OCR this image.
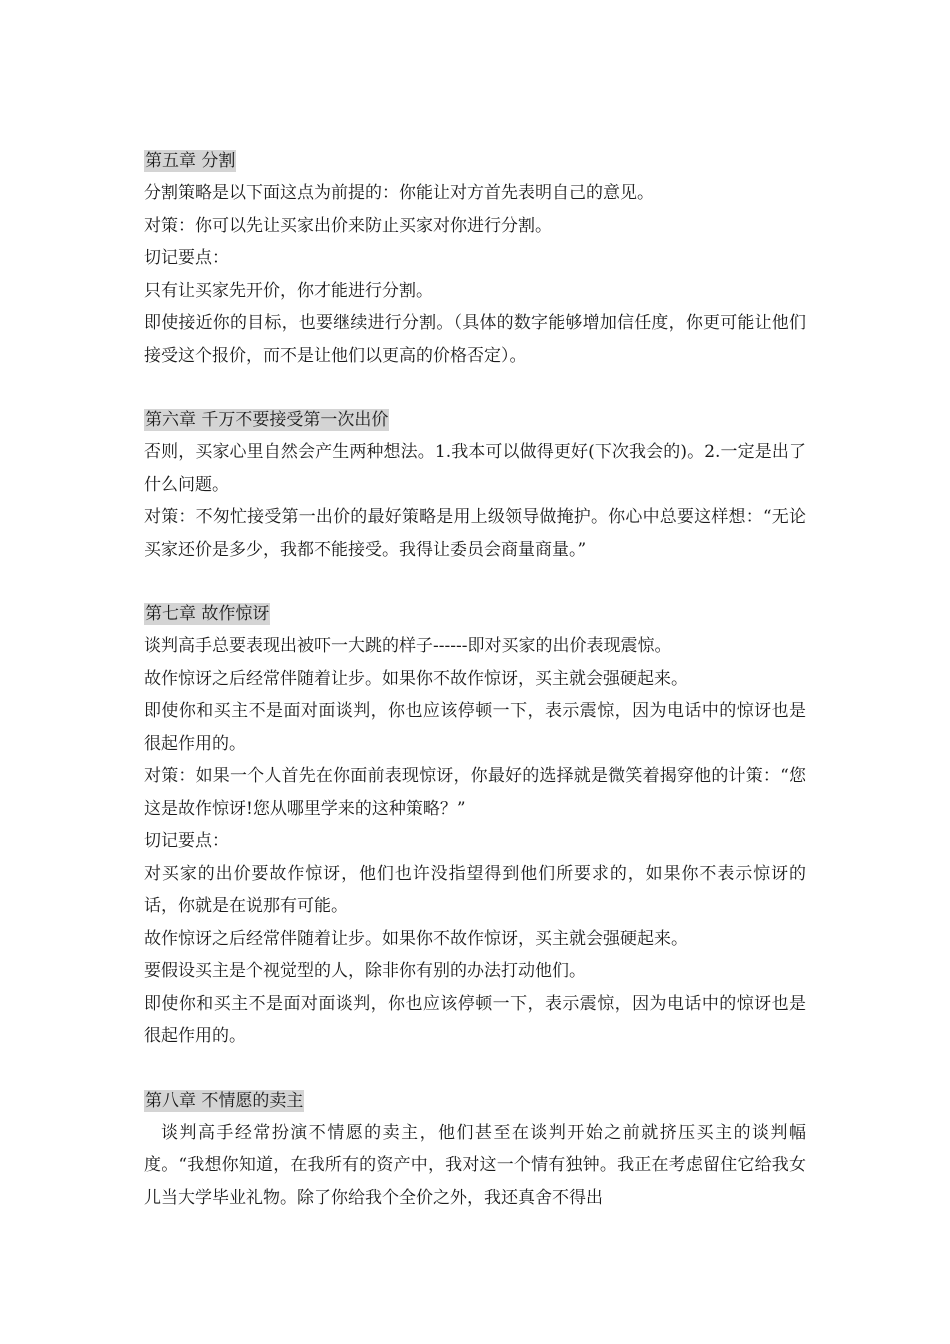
第五章 分割

分割策略是以下面这点为前提的：你能让对方首先表明自己的意见。

对策：你可以先让买家出价来防止买家对你进行分割。

切记要点：

只有让买家先开价，你才能进行分割。

即使接近你的目标，也要继续进行分割。（具体的数字能够增加信任度，你更可能让他们接受这个报价，而不是让他们以更高的价格否定）。

第六章 千万不要接受第一次出价

否则，买家心里自然会产生两种想法。1.我本可以做得更好(下次我会的)。2.一定是出了什么问题。

对策：不匆忙接受第一出价的最好策略是用上级领导做掩护。你心中总要这样想：“无论买家还价是多少，我都不能接受。我得让委员会商量商量。”

第七章 故作惊讶

谈判高手总要表现出被吓一大跳的样子------即对买家的出价表现震惊。

故作惊讶之后经常伴随着让步。如果你不故作惊讶，买主就会强硬起来。

即使你和买主不是面对面谈判，你也应该停顿一下，表示震惊，因为电话中的惊讶也是很起作用的。

对策：如果一个人首先在你面前表现惊讶，你最好的选择就是微笑着揭穿他的计策：“您这是故作惊讶!您从哪里学来的这种策略？”

切记要点：

对买家的出价要故作惊讶，他们也许没指望得到他们所要求的，如果你不表示惊讶的话，你就是在说那有可能。

故作惊讶之后经常伴随着让步。如果你不故作惊讶，买主就会强硬起来。

要假设买主是个视觉型的人，除非你有别的办法打动他们。

即使你和买主不是面对面谈判，你也应该停顿一下，表示震惊，因为电话中的惊讶也是很起作用的。

第八章 不情愿的卖主

谈判高手经常扮演不情愿的卖主，他们甚至在谈判开始之前就挤压买主的谈判幅度。“我想你知道，在我所有的资产中，我对这一个情有独钟。我正在考虑留住它给我女儿当大学毕业礼物。除了你给我个全价之外，我还真舍不得出
